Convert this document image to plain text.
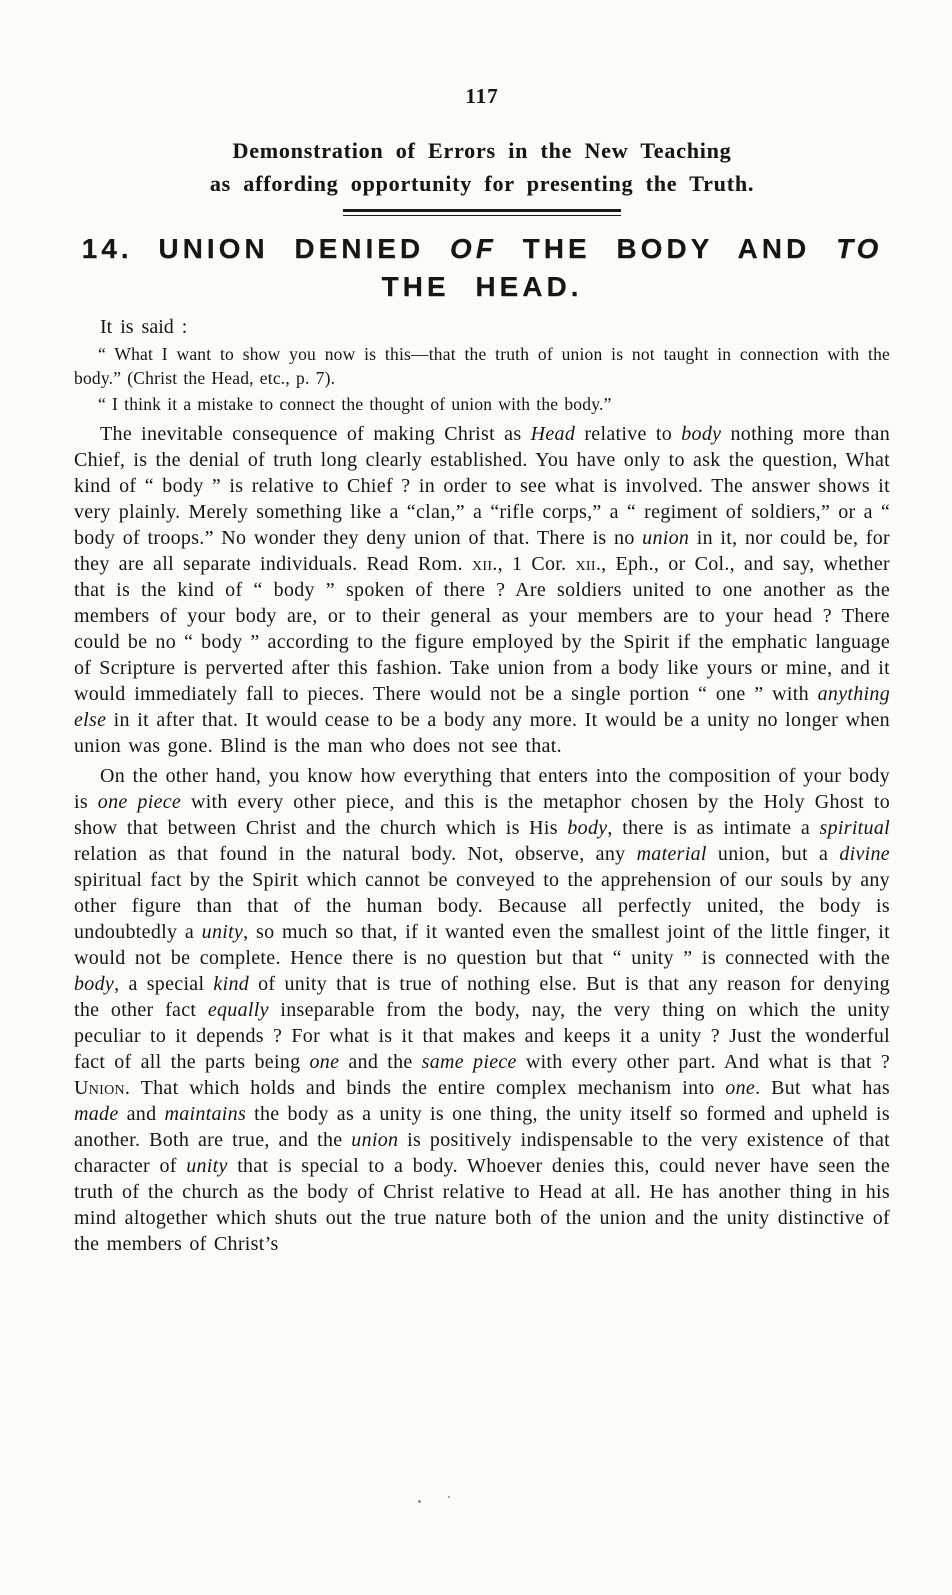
117
Demonstration of Errors in the New Teaching
as affording opportunity for presenting the Truth.
14. UNION DENIED OF THE BODY AND TO
THE HEAD.

It is said :

“ What I want to show you now is this—that the truth of union is not taught in connection with the body.” (Christ the Head, etc., p. 7).

“ I think it a mistake to connect the thought of union with the body.”

The inevitable consequence of making Christ as Head relative to body nothing more than Chief, is the denial of truth long clearly established. You have only to ask the question, What kind of “ body ” is relative to Chief ? in order to see what is involved. The answer shows it very plainly. Merely something like a “clan,” a “rifle corps,” a “ regiment of soldiers,” or a “ body of troops.” No wonder they deny union of that. There is no union in it, nor could be, for they are all separate individuals. Read Rom. xii., 1 Cor. xii., Eph., or Col., and say, whether that is the kind of “ body ” spoken of there ? Are soldiers united to one another as the members of your body are, or to their general as your members are to your head ? There could be no “ body ” according to the figure employed by the Spirit if the emphatic language of Scripture is perverted after this fashion. Take union from a body like yours or mine, and it would immediately fall to pieces. There would not be a single portion “ one ” with anything else in it after that. It would cease to be a body any more. It would be a unity no longer when union was gone. Blind is the man who does not see that.

On the other hand, you know how everything that enters into the composition of your body is one piece with every other piece, and this is the metaphor chosen by the Holy Ghost to show that between Christ and the church which is His body, there is as intimate a spiritual relation as that found in the natural body. Not, observe, any material union, but a divine spiritual fact by the Spirit which cannot be conveyed to the apprehension of our souls by any other figure than that of the human body. Because all perfectly united, the body is undoubtedly a unity, so much so that, if it wanted even the smallest joint of the little finger, it would not be complete. Hence there is no question but that “ unity ” is connected with the body, a special kind of unity that is true of nothing else. But is that any reason for denying the other fact equally inseparable from the body, nay, the very thing on which the unity peculiar to it depends ? For what is it that makes and keeps it a unity ? Just the wonderful fact of all the parts being one and the same piece with every other part. And what is that ? Union. That which holds and binds the entire complex mechanism into one. But what has made and maintains the body as a unity is one thing, the unity itself so formed and upheld is another. Both are true, and the union is positively indispensable to the very existence of that character of unity that is special to a body. Whoever denies this, could never have seen the truth of the church as the body of Christ relative to Head at all. He has another thing in his mind altogether which shuts out the true nature both of the union and the unity distinctive of the members of Christ’s
